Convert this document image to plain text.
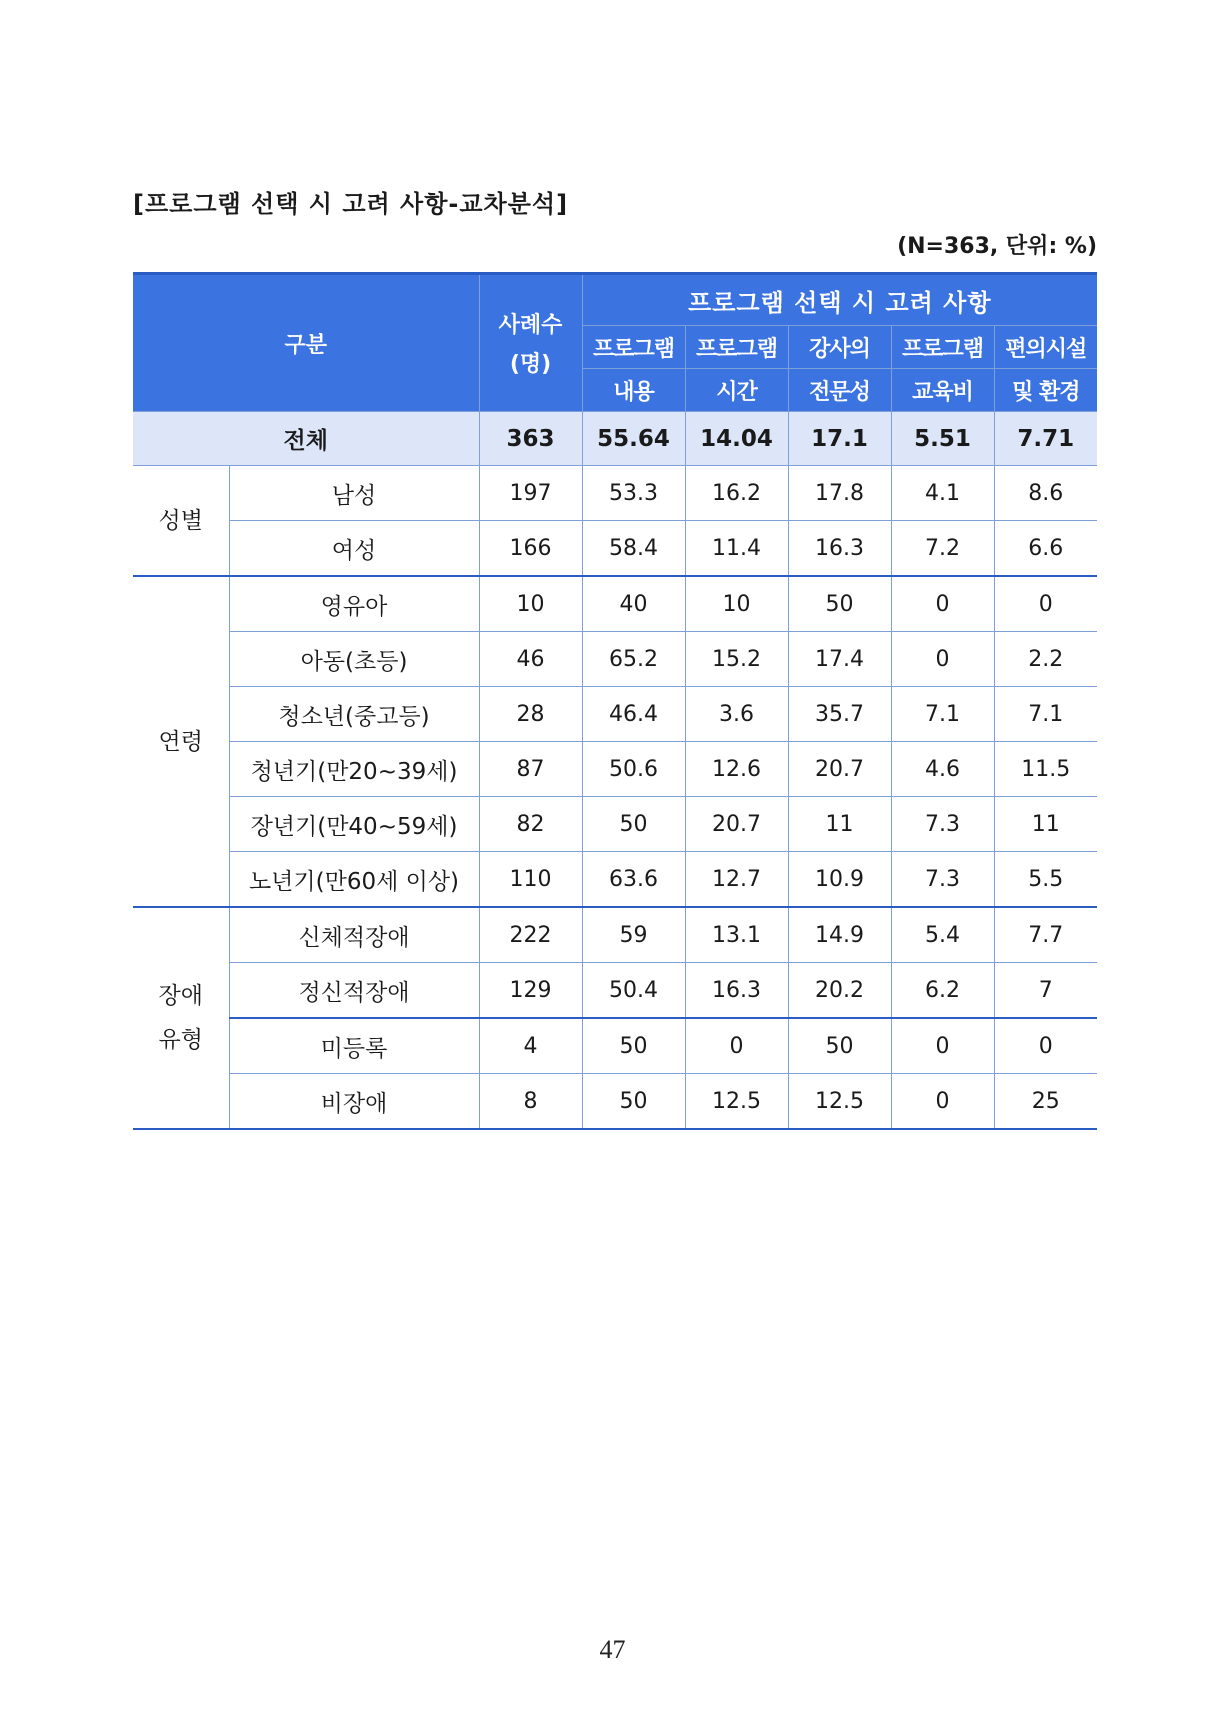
[프로그램 선택 시 고려 사항-교차분석]
(N=363, 단위: %)
구분		사례수
(명)	프로그램 선택 시 고려 사항				
			프로그램	프로그램	강사의	프로그램	편의시설
			내용	시간	전문성	교육비	및 환경
전체		363	55.64	14.04	17.1	5.51	7.71

성별	남성	197	53.3	16.2	17.8	4.1	8.6
	여성	166	58.4	11.4	16.3	7.2	6.6

연령	영유아	10	40	10	50	0	0
	아동(초등)	46	65.2	15.2	17.4	0	2.2
	청소년(중고등)	28	46.4	3.6	35.7	7.1	7.1
	청년기(만20~39세)	87	50.6	12.6	20.7	4.6	11.5
	장년기(만40~59세)	82	50	20.7	11	7.3	11
	노년기(만60세 이상)	110	63.6	12.7	10.9	7.3	5.5

장애
유형	신체적장애	222	59	13.1	14.9	5.4	7.7
	정신적장애	129	50.4	16.3	20.2	6.2	7
	미등록	4	50	0	50	0	0
	비장애	8	50	12.5	12.5	0	25
47
